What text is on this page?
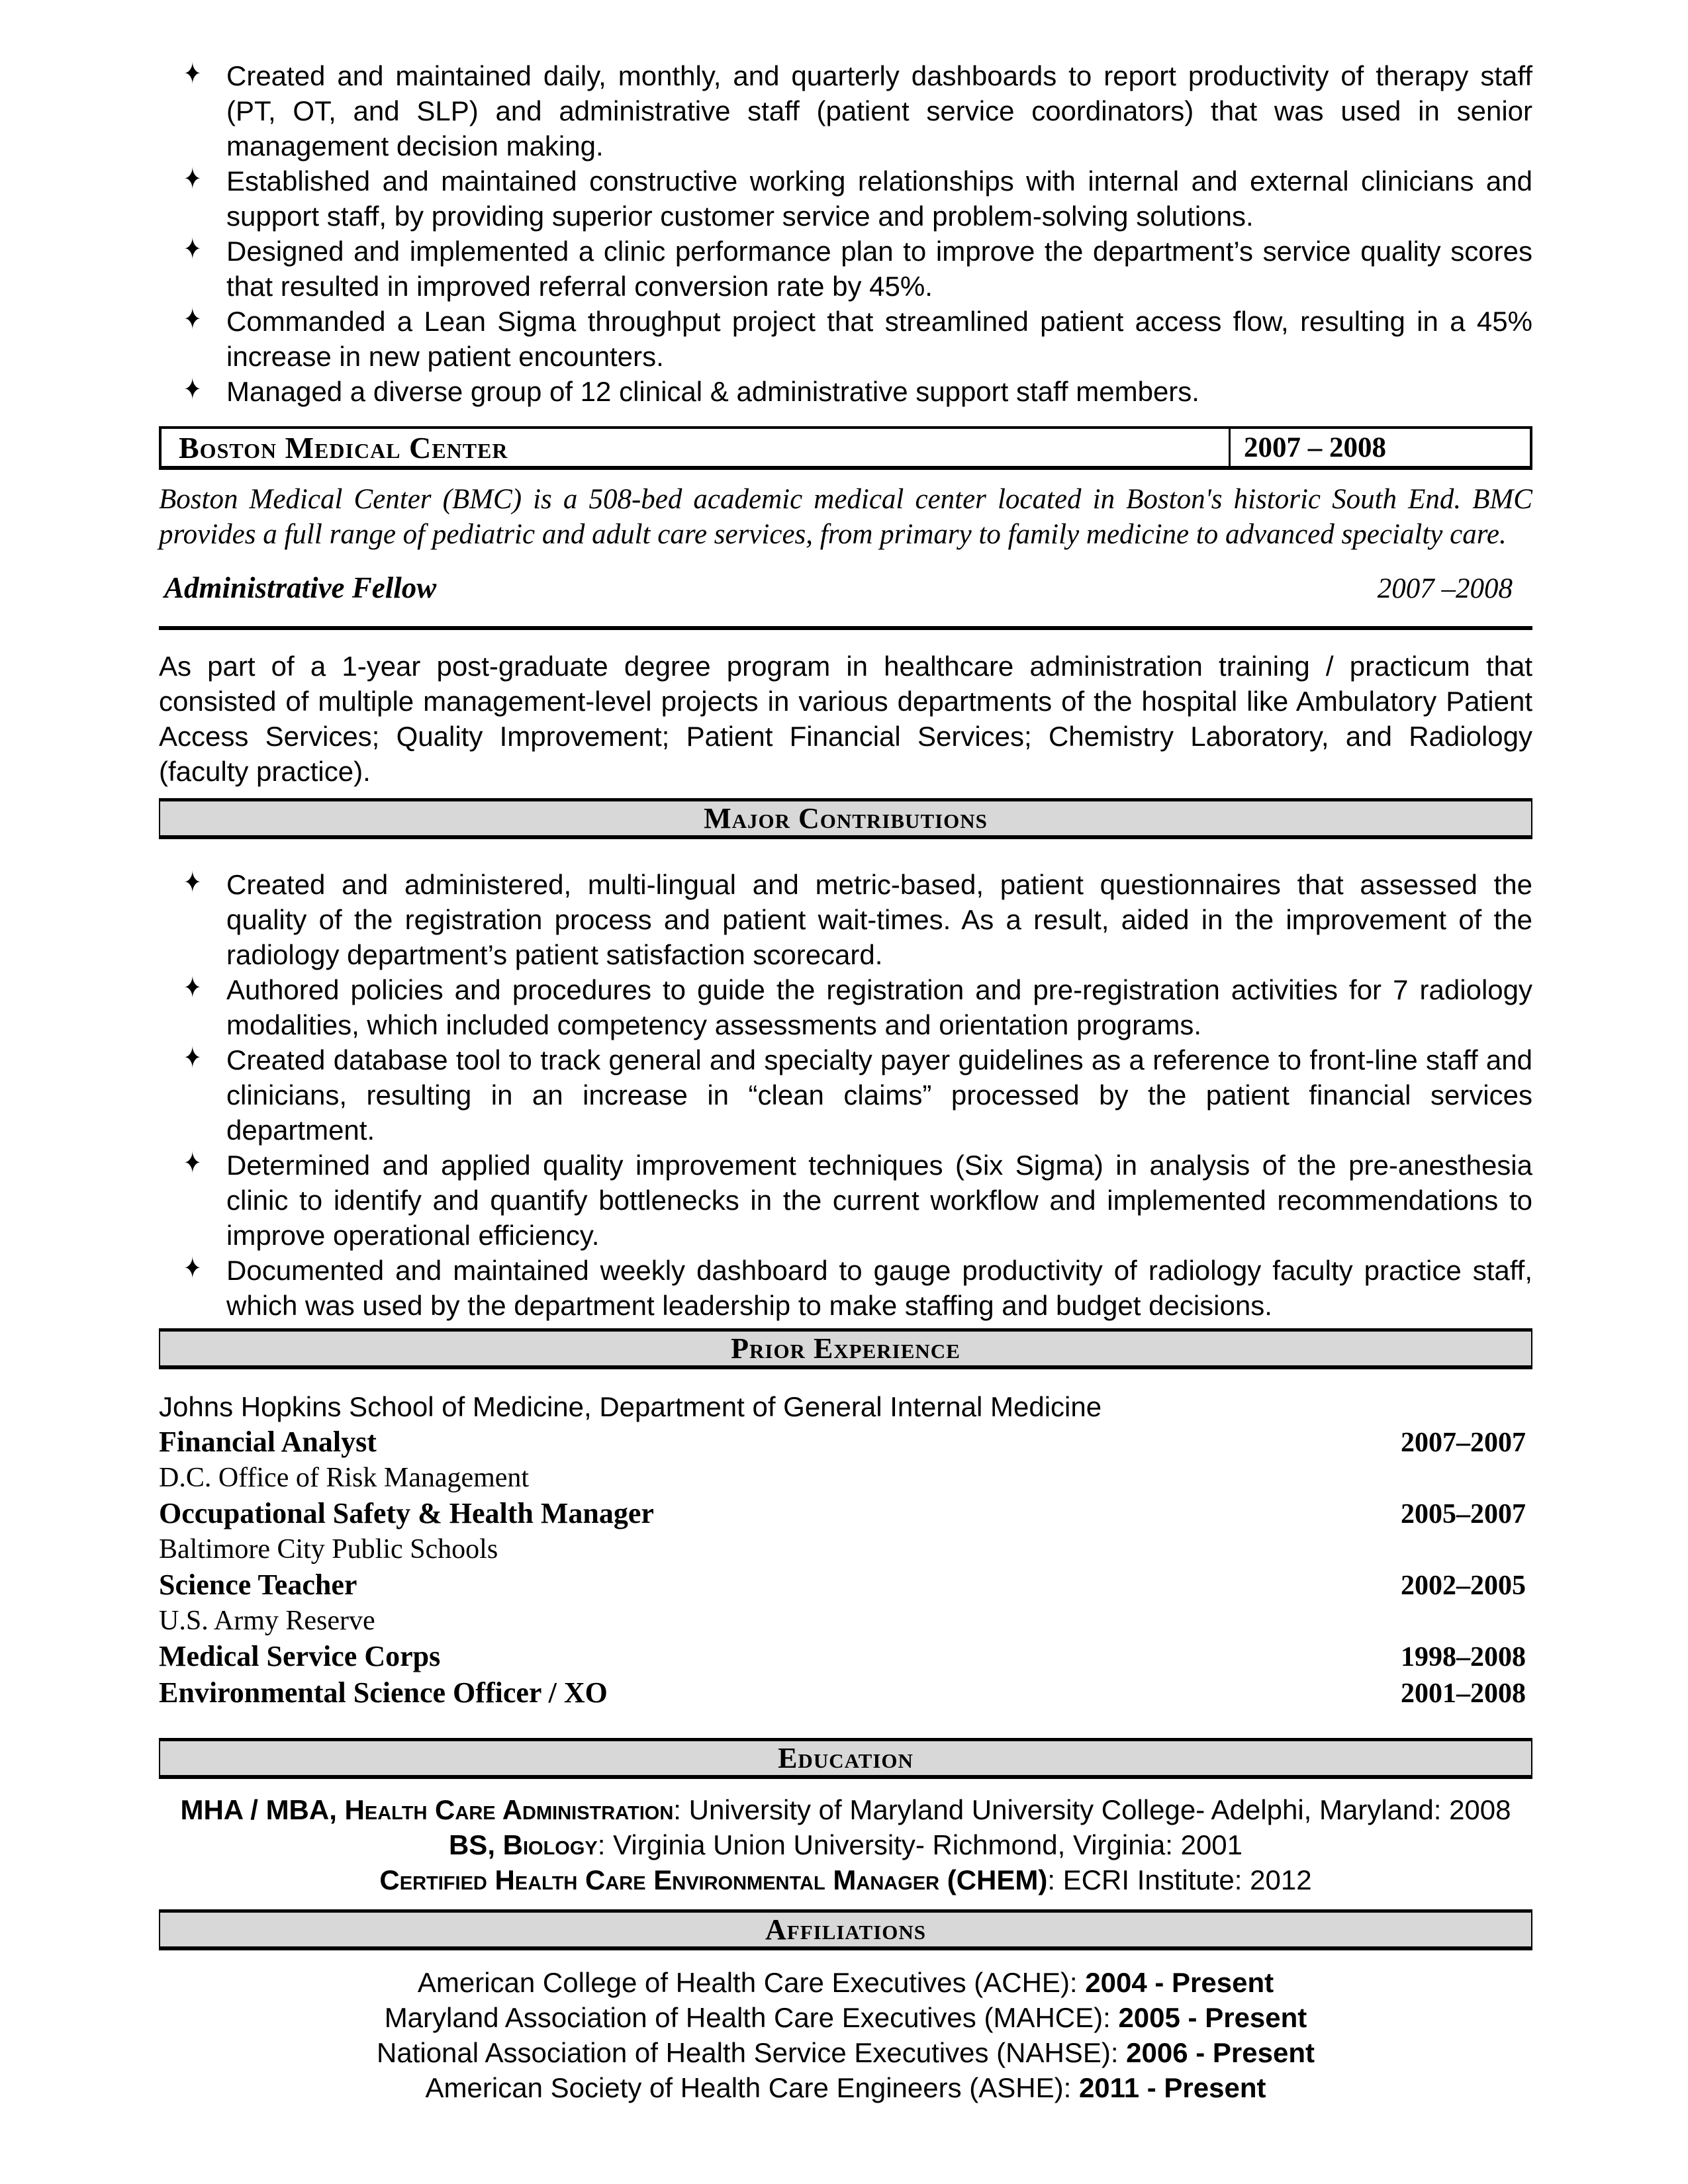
✦ Created and maintained daily, monthly, and quarterly dashboards to report productivity of therapy staff (PT, OT, and SLP) and administrative staff (patient service coordinators) that was used in senior management decision making.
✦ Established and maintained constructive working relationships with internal and external clinicians and support staff, by providing superior customer service and problem-solving solutions.
✦ Designed and implemented a clinic performance plan to improve the department’s service quality scores that resulted in improved referral conversion rate by 45%.
✦ Commanded a Lean Sigma throughput project that streamlined patient access flow, resulting in a 45% increase in new patient encounters.
✦ Managed a diverse group of 12 clinical & administrative support staff members.
Boston Medical Center	2007 – 2008

Boston Medical Center (BMC) is a 508-bed academic medical center located in Boston's historic South End. BMC provides a full range of pediatric and adult care services, from primary to family medicine to advanced specialty care.

Administrative Fellow	2007 –2008

As part of a 1-year post-graduate degree program in healthcare administration training / practicum that consisted of multiple management-level projects in various departments of the hospital like Ambulatory Patient Access Services; Quality Improvement; Patient Financial Services; Chemistry Laboratory, and Radiology (faculty practice).

Major Contributions
✦ Created and administered, multi-lingual and metric-based, patient questionnaires that assessed the quality of the registration process and patient wait-times. As a result, aided in the improvement of the radiology department’s patient satisfaction scorecard.
✦ Authored policies and procedures to guide the registration and pre-registration activities for 7 radiology modalities, which included competency assessments and orientation programs.
✦ Created database tool to track general and specialty payer guidelines as a reference to front-line staff and clinicians, resulting in an increase in “clean claims” processed by the patient financial services department.
✦ Determined and applied quality improvement techniques (Six Sigma) in analysis of the pre-anesthesia clinic to identify and quantify bottlenecks in the current workflow and implemented recommendations to improve operational efficiency.
✦ Documented and maintained weekly dashboard to gauge productivity of radiology faculty practice staff, which was used by the department leadership to make staffing and budget decisions.
Prior Experience
Johns Hopkins School of Medicine, Department of General Internal Medicine
Financial Analyst	2007–2007
D.C. Office of Risk Management
Occupational Safety & Health Manager	2005–2007
Baltimore City Public Schools
Science Teacher	2002–2005
U.S. Army Reserve
Medical Service Corps	1998–2008
Environmental Science Officer / XO	2001–2008
Education
MHA / MBA, Health Care Administration: University of Maryland University College- Adelphi, Maryland: 2008
BS, Biology: Virginia Union University- Richmond, Virginia: 2001
Certified Health Care Environmental Manager (CHEM): ECRI Institute: 2012
Affiliations
American College of Health Care Executives (ACHE): 2004 - Present
Maryland Association of Health Care Executives (MAHCE): 2005 - Present
National Association of Health Service Executives (NAHSE): 2006 - Present
American Society of Health Care Engineers (ASHE): 2011 - Present
